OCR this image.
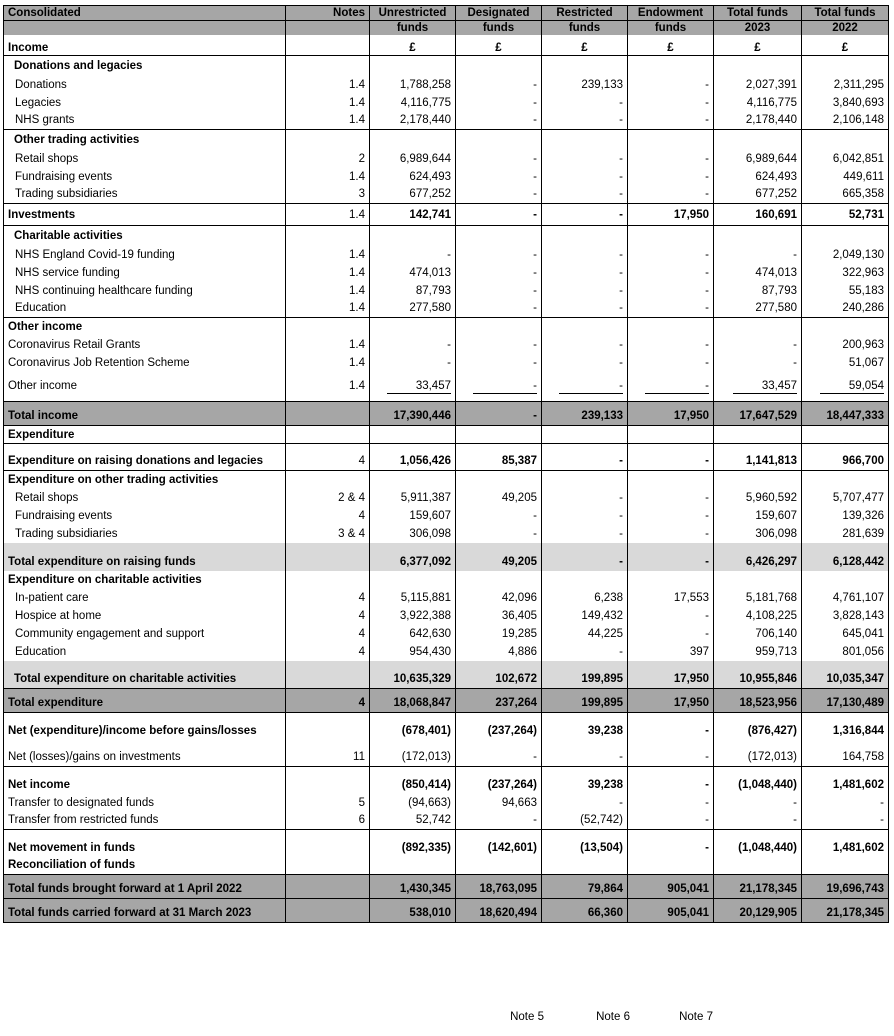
Consolidated	Notes	Unrestricted	Designated	Restricted	Endowment	Total funds	Total funds
		funds	funds	funds	funds	2023	2022
Income		£	£	£	£	£	£
Donations and legacies							
Donations	1.4	1,788,258	-	239,133	-	2,027,391	2,311,295
Legacies	1.4	4,116,775	-	-	-	4,116,775	3,840,693
NHS grants	1.4	2,178,440	-	-	-	2,178,440	2,106,148
Other trading activities							
Retail shops	2	6,989,644	-	-	-	6,989,644	6,042,851
Fundraising events	1.4	624,493	-	-	-	624,493	449,611
Trading subsidiaries	3	677,252	-	-	-	677,252	665,358
Investments	1.4	142,741	-	-	17,950	160,691	52,731
Charitable activities							
NHS England Covid-19 funding	1.4	-	-	-	-	-	2,049,130
NHS service funding	1.4	474,013	-	-	-	474,013	322,963
NHS continuing healthcare funding	1.4	87,793	-	-	-	87,793	55,183
Education	1.4	277,580	-	-	-	277,580	240,286
Other income							
Coronavirus Retail Grants	1.4	-	-	-	-	-	200,963
Coronavirus Job Retention Scheme	1.4	-	-	-	-	-	51,067
Other income	1.4	33,457	-	-	-	33,457	59,054
Total income		17,390,446	-	239,133	17,950	17,647,529	18,447,333
Expenditure							
Expenditure on raising donations and legacies	4	1,056,426	85,387	-	-	1,141,813	966,700
Expenditure on other trading activities							
Retail shops	2 & 4	5,911,387	49,205	-	-	5,960,592	5,707,477
Fundraising events	4	159,607	-	-	-	159,607	139,326
Trading subsidiaries	3 & 4	306,098	-	-	-	306,098	281,639
Total expenditure on raising funds		6,377,092	49,205	-	-	6,426,297	6,128,442
Expenditure on charitable activities							
In-patient care	4	5,115,881	42,096	6,238	17,553	5,181,768	4,761,107
Hospice at home	4	3,922,388	36,405	149,432	-	4,108,225	3,828,143
Community engagement and support	4	642,630	19,285	44,225	-	706,140	645,041
Education	4	954,430	4,886	-	397	959,713	801,056
Total expenditure on charitable activities		10,635,329	102,672	199,895	17,950	10,955,846	10,035,347
Total expenditure	4	18,068,847	237,264	199,895	17,950	18,523,956	17,130,489
Net (expenditure)/income before gains/losses		(678,401)	(237,264)	39,238	-	(876,427)	1,316,844
Net (losses)/gains on investments	11	(172,013)	-	-	-	(172,013)	164,758
Net income		(850,414)	(237,264)	39,238	-	(1,048,440)	1,481,602
Transfer to designated funds	5	(94,663)	94,663	-	-	-	-
Transfer from restricted funds	6	52,742	-	(52,742)	-	-	-
Net movement in funds		(892,335)	(142,601)	(13,504)	-	(1,048,440)	1,481,602
Reconciliation of funds							
Total funds brought forward at 1 April 2022		1,430,345	18,763,095	79,864	905,041	21,178,345	19,696,743
Total funds carried forward at 31 March 2023		538,010	18,620,494	66,360	905,041	20,129,905	21,178,345
Note 5	Note 6	Note 7
